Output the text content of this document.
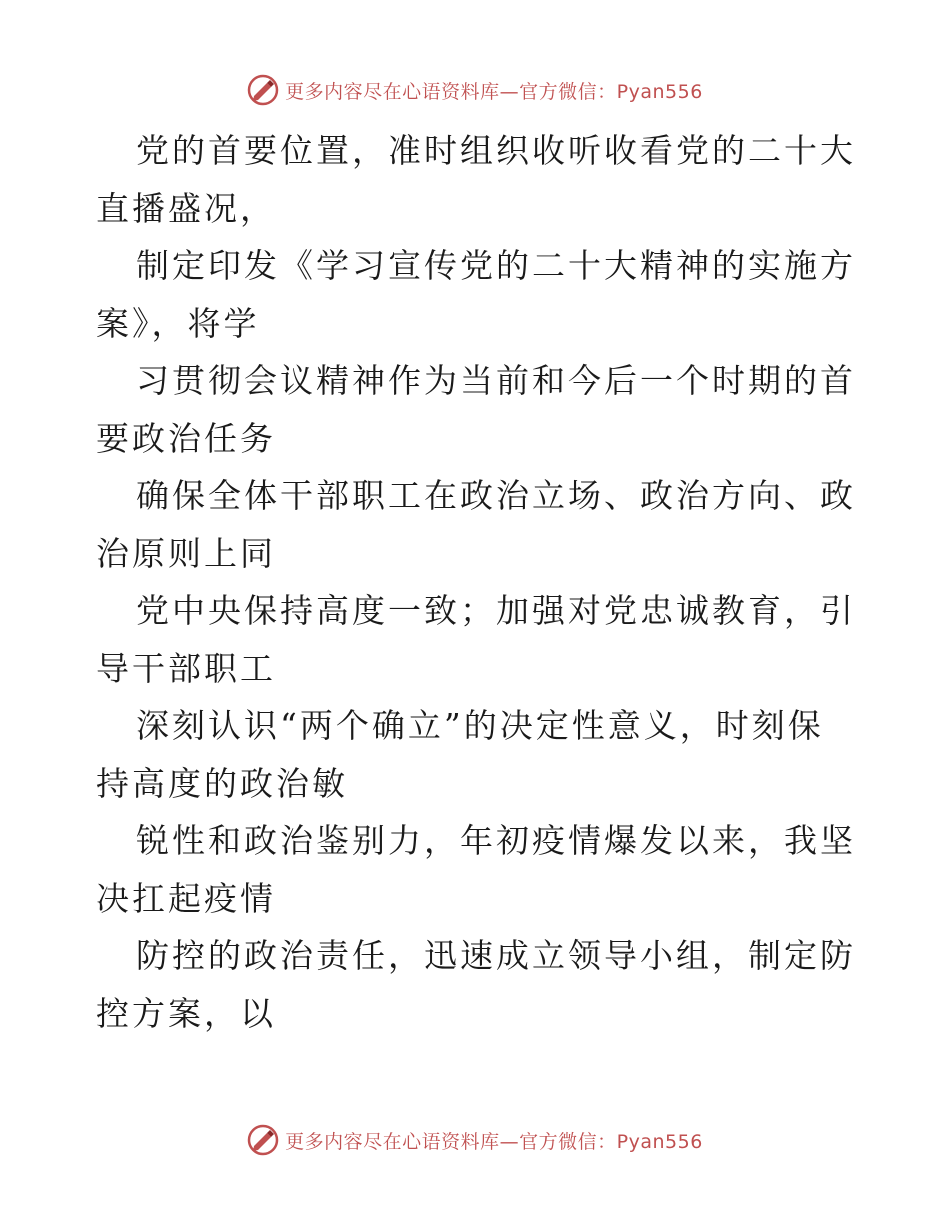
更多内容尽在心语资料库—官方微信：Pyan556

党的首要位置，准时组织收听收看党的二十大直播盛况，

制定印发《学习宣传党的二十大精神的实施方案》，将学

习贯彻会议精神作为当前和今后一个时期的首要政治任务

确保全体干部职工在政治立场、政治方向、政治原则上同

党中央保持高度一致；加强对党忠诚教育，引导干部职工

深刻认识“两个确立”的决定性意义，时刻保持高度的政治敏

锐性和政治鉴别力，年初疫情爆发以来，我坚决扛起疫情

防控的政治责任，迅速成立领导小组，制定防控方案，以

更多内容尽在心语资料库—官方微信：Pyan556
